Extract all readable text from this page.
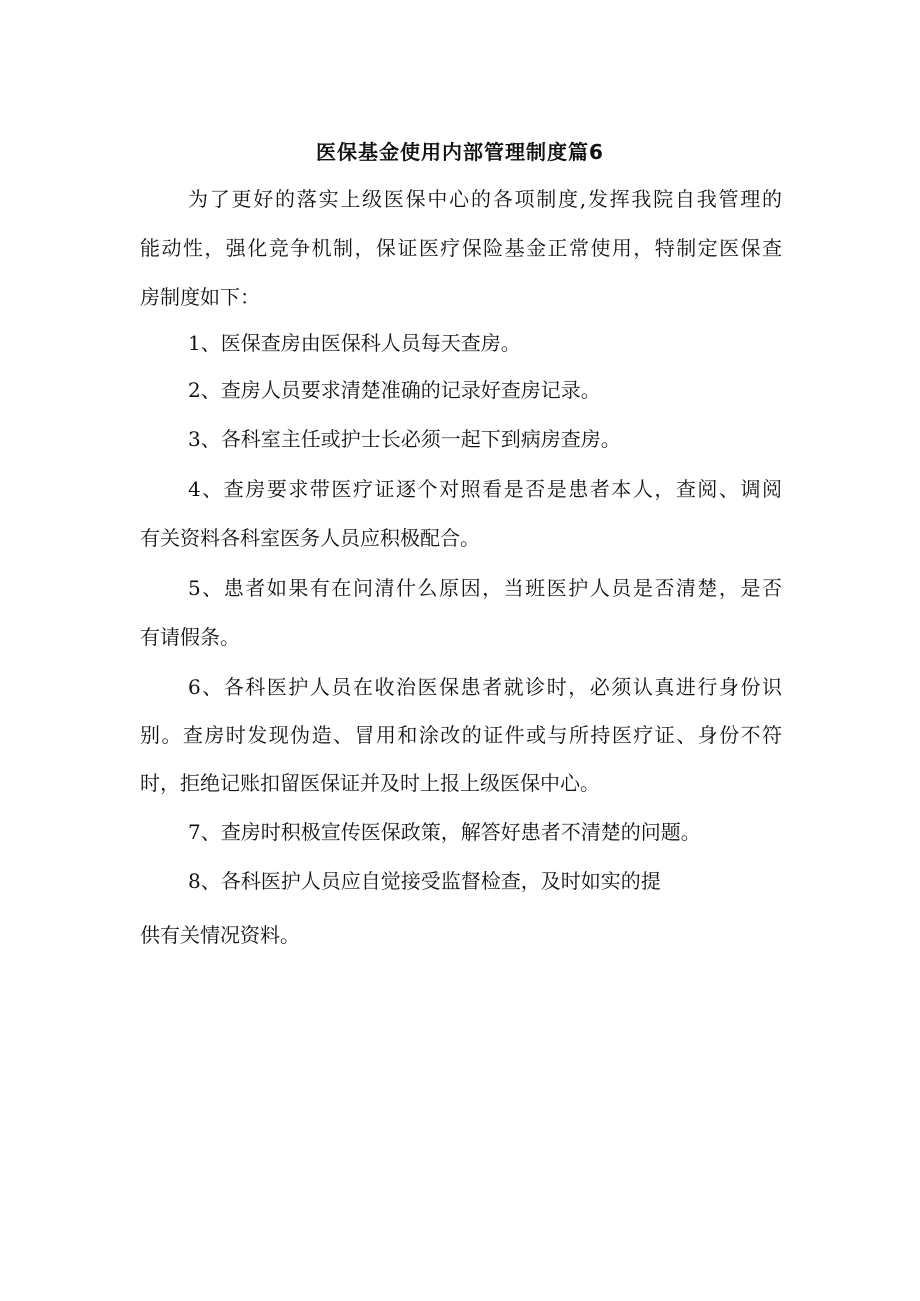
医保基金使用内部管理制度篇6
为了更好的落实上级医保中心的各项制度,发挥我院自我管理的
能动性，强化竞争机制，保证医疗保险基金正常使用，特制定医保查
房制度如下：
1、医保查房由医保科人员每天查房。
2、查房人员要求清楚准确的记录好查房记录。
3、各科室主任或护士长必须一起下到病房查房。
4、查房要求带医疗证逐个对照看是否是患者本人，查阅、调阅
有关资料各科室医务人员应积极配合。
5、患者如果有在问清什么原因，当班医护人员是否清楚，是否
有请假条。
6、各科医护人员在收治医保患者就诊时，必须认真进行身份识
别。查房时发现伪造、冒用和涂改的证件或与所持医疗证、身份不符
时，拒绝记账扣留医保证并及时上报上级医保中心。
7、查房时积极宣传医保政策，解答好患者不清楚的问题。
8、各科医护人员应自觉接受监督检查，及时如实的提
供有关情况资料。
